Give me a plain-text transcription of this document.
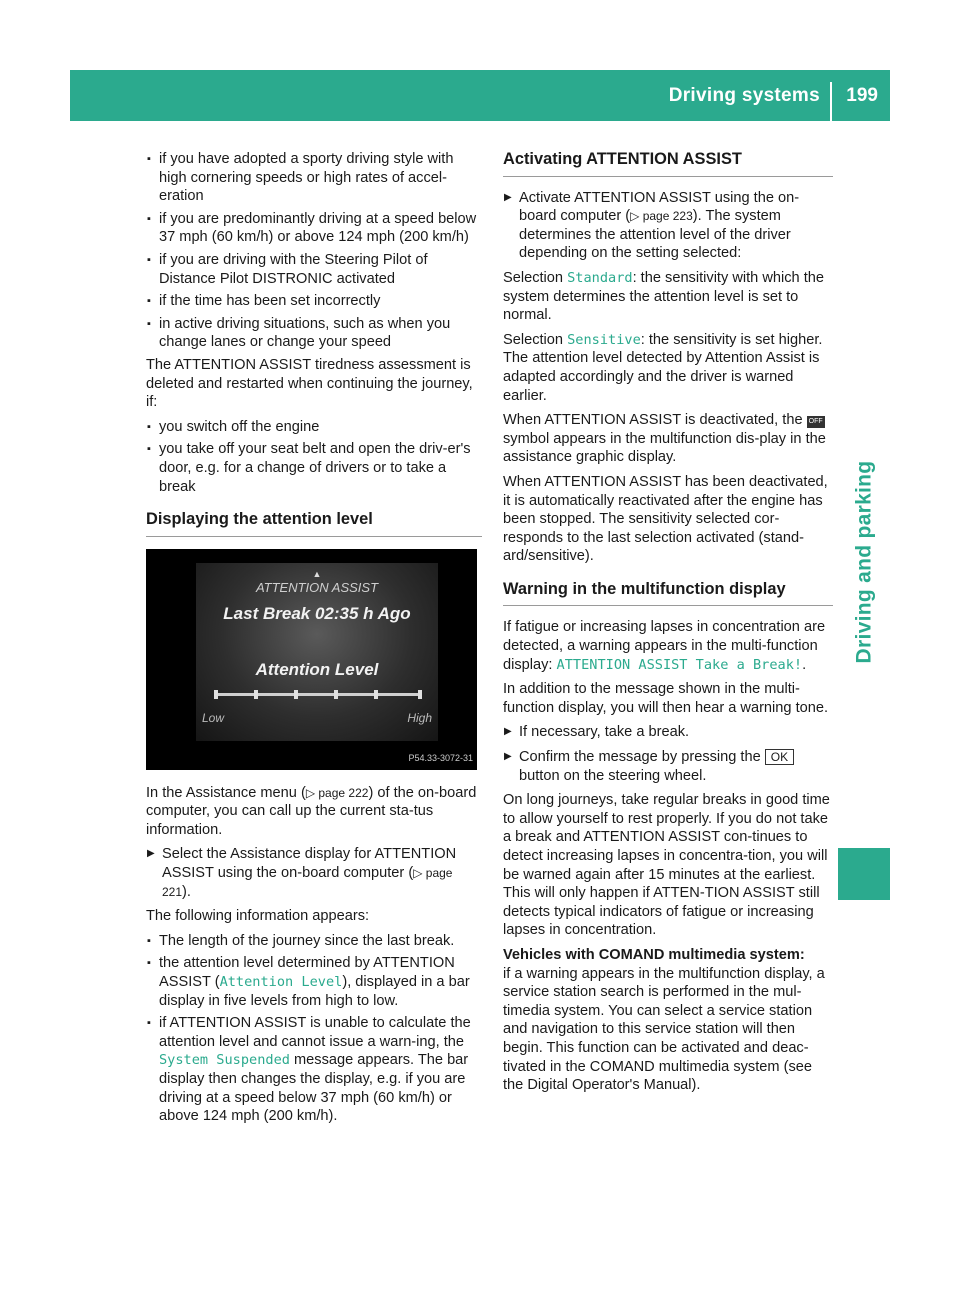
Driving systems 199
Driving and parking
▪ if you have adopted a sporty driving style with high cornering speeds or high rates of accel-eration
▪ if you are predominantly driving at a speed below 37 mph (60 km/h) or above 124 mph (200 km/h)
▪ if you are driving with the Steering Pilot of Distance Pilot DISTRONIC activated
▪ if the time has been set incorrectly
▪ in active driving situations, such as when you change lanes or change your speed

The ATTENTION ASSIST tiredness assessment is deleted and restarted when continuing the journey, if:

▪ you switch off the engine
▪ you take off your seat belt and open the driv-er's door, e.g. for a change of drivers or to take a break
Displaying the attention level
▲
ATTENTION ASSIST
Last Break 02:35 h Ago
Attention Level
Low	High
P54.33-3072-31

In the Assistance menu (▷ page 222) of the on-board computer, you can call up the current sta-tus information.

▶ Select the Assistance display for ATTENTION ASSIST using the on-board computer (▷ page 221).

The following information appears:

▪ The length of the journey since the last break.
▪ the attention level determined by ATTENTION ASSIST (Attention Level), displayed in a bar display in five levels from high to low.
▪ if ATTENTION ASSIST is unable to calculate the attention level and cannot issue a warn-ing, the System Suspended message appears. The bar display then changes the display, e.g. if you are driving at a speed below 37 mph (60 km/h) or above 124 mph (200 km/h).
Activating ATTENTION ASSIST
▶ Activate ATTENTION ASSIST using the on-board computer (▷ page 223). The system determines the attention level of the driver depending on the setting selected:

Selection Standard: the sensitivity with which the system determines the attention level is set to normal.

Selection Sensitive: the sensitivity is set higher. The attention level detected by Attention Assist is adapted accordingly and the driver is warned earlier.

When ATTENTION ASSIST is deactivated, the OFF symbol appears in the multifunction dis-play in the assistance graphic display.

When ATTENTION ASSIST has been deactivated, it is automatically reactivated after the engine has been stopped. The sensitivity selected cor-responds to the last selection activated (stand-ard/sensitive).

Warning in the multifunction display

If fatigue or increasing lapses in concentration are detected, a warning appears in the multi-function display: ATTENTION ASSIST Take a Break!.

In addition to the message shown in the multi-function display, you will then hear a warning tone.

▶ If necessary, take a break.
▶ Confirm the message by pressing the OK button on the steering wheel.

On long journeys, take regular breaks in good time to allow yourself to rest properly. If you do not take a break and ATTENTION ASSIST con-tinues to detect increasing lapses in concentra-tion, you will be warned again after 15 minutes at the earliest. This will only happen if ATTEN-TION ASSIST still detects typical indicators of fatigue or increasing lapses in concentration.

Vehicles with COMAND multimedia system:

if a warning appears in the multifunction display, a service station search is performed in the mul-timedia system. You can select a service station and navigation to this service station will then begin. This function can be activated and deac-tivated in the COMAND multimedia system (see the Digital Operator's Manual).
